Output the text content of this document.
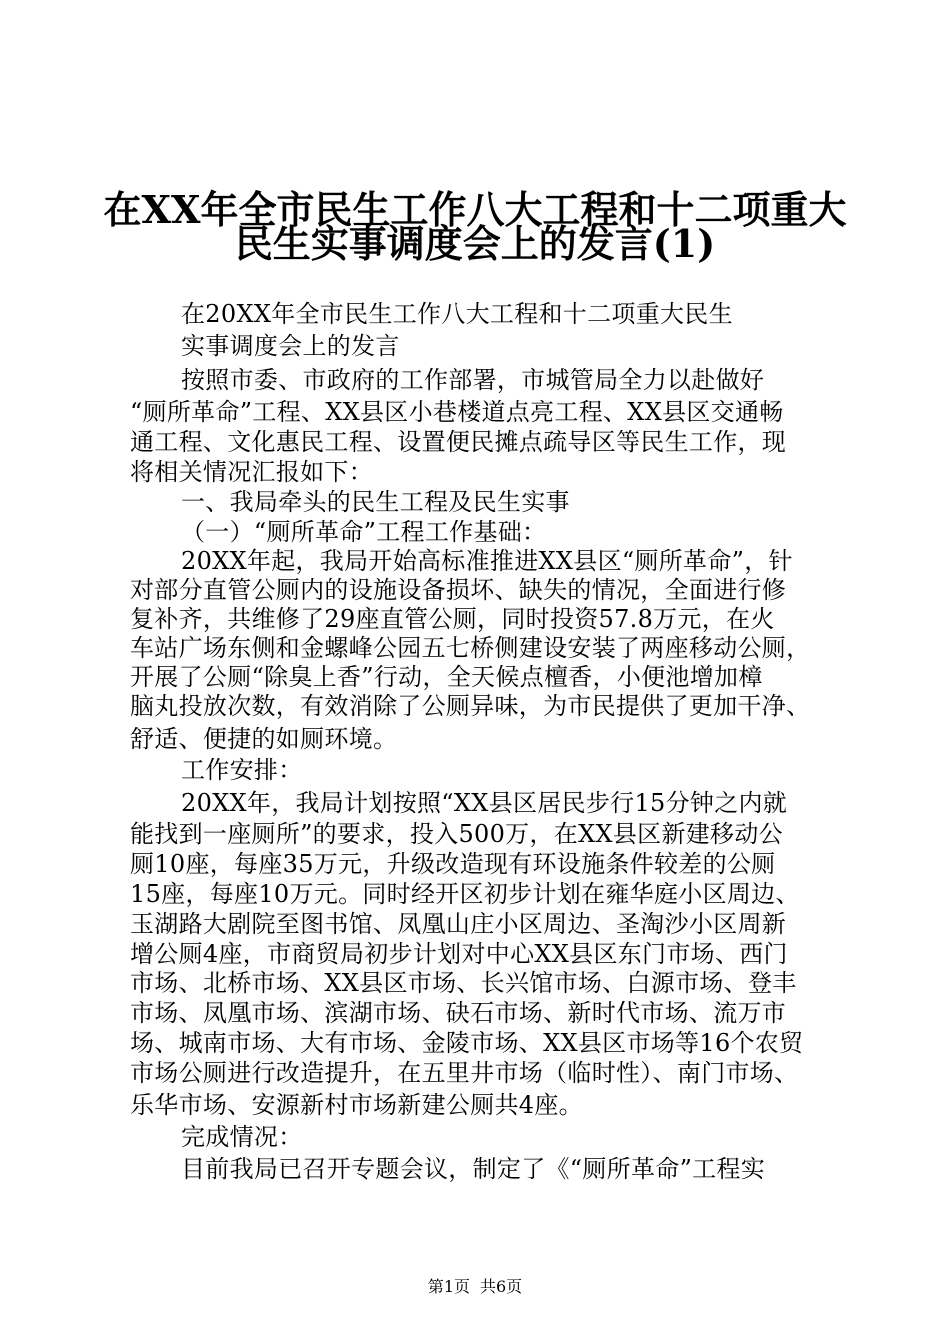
在XX年全市民生工作八大工程和十二项重大
民生实事调度会上的发言(1)
在20XX年全市民生工作八大工程和十二项重大民生
实事调度会上的发言
按照市委、市政府的工作部署，市城管局全力以赴做好
“厕所革命”工程、XX县区小巷楼道点亮工程、XX县区交通畅
通工程、文化惠民工程、设置便民摊点疏导区等民生工作，现
将相关情况汇报如下：
一、我局牵头的民生工程及民生实事
（一）“厕所革命”工程工作基础：
20XX年起，我局开始高标准推进XX县区“厕所革命”，针
对部分直管公厕内的设施设备损坏、缺失的情况，全面进行修
复补齐，共维修了29座直管公厕，同时投资57.8万元，在火
车站广场东侧和金螺峰公园五七桥侧建设安装了两座移动公厕，
开展了公厕“除臭上香”行动，全天候点檀香，小便池增加樟
脑丸投放次数，有效消除了公厕异味，为市民提供了更加干净、
舒适、便捷的如厕环境。
工作安排：
20XX年，我局计划按照“XX县区居民步行15分钟之内就
能找到一座厕所”的要求，投入500万，在XX县区新建移动公
厕10座，每座35万元，升级改造现有环设施条件较差的公厕
15座，每座10万元。同时经开区初步计划在雍华庭小区周边、
玉湖路大剧院至图书馆、凤凰山庄小区周边、圣淘沙小区周新
增公厕4座，市商贸局初步计划对中心XX县区东门市场、西门
市场、北桥市场、XX县区市场、长兴馆市场、白源市场、登丰
市场、凤凰市场、滨湖市场、砄石市场、新时代市场、流万市
场、城南市场、大有市场、金陵市场、XX县区市场等16个农贸
市场公厕进行改造提升，在五里井市场（临时性）、南门市场、
乐华市场、安源新村市场新建公厕共4座。
完成情况：
目前我局已召开专题会议，制定了《“厕所革命”工程实
第1页 共6页
